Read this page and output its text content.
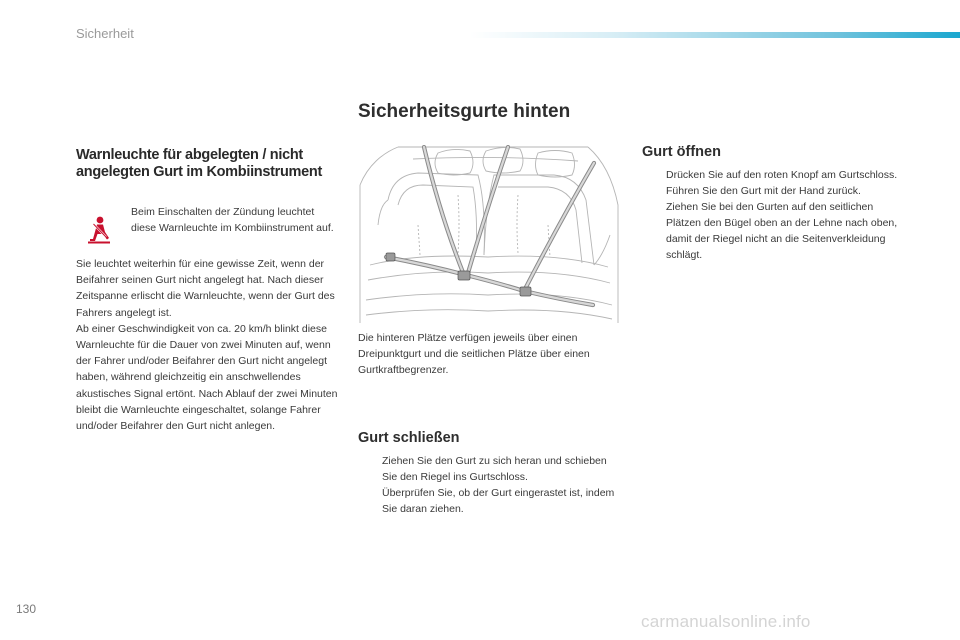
Sicherheit
Sicherheitsgurte hinten
Warnleuchte für abgelegten / nicht angelegten Gurt im Kombiinstrument
Beim Einschalten der Zündung leuchtet diese Warnleuchte im Kombiinstrument auf.

Sie leuchtet weiterhin für eine gewisse Zeit, wenn der Beifahrer seinen Gurt nicht angelegt hat. Nach dieser Zeitspanne erlischt die Warnleuchte, wenn der Gurt des Fahrers angelegt ist.

Ab einer Geschwindigkeit von ca. 20 km/h blinkt diese Warnleuchte für die Dauer von zwei Minuten auf, wenn der Fahrer und/oder Beifahrer den Gurt nicht angelegt haben, während gleichzeitig ein anschwellendes akustisches Signal ertönt. Nach Ablauf der zwei Minuten bleibt die Warnleuchte eingeschaltet, solange Fahrer und/oder Beifahrer den Gurt nicht anlegen.

Die hinteren Plätze verfügen jeweils über einen Dreipunktgurt und die seitlichen Plätze über einen Gurtkraftbegrenzer.
Gurt schließen
Ziehen Sie den Gurt zu sich heran und schieben Sie den Riegel ins Gurtschloss.
Überprüfen Sie, ob der Gurt eingerastet ist, indem Sie daran ziehen.
Gurt öffnen
Drücken Sie auf den roten Knopf am Gurtschloss.
Führen Sie den Gurt mit der Hand zurück.
Ziehen Sie bei den Gurten auf den seitlichen Plätzen den Bügel oben an der Lehne nach oben, damit der Riegel nicht an die Seitenverkleidung schlägt.
130
carmanualsonline.info
